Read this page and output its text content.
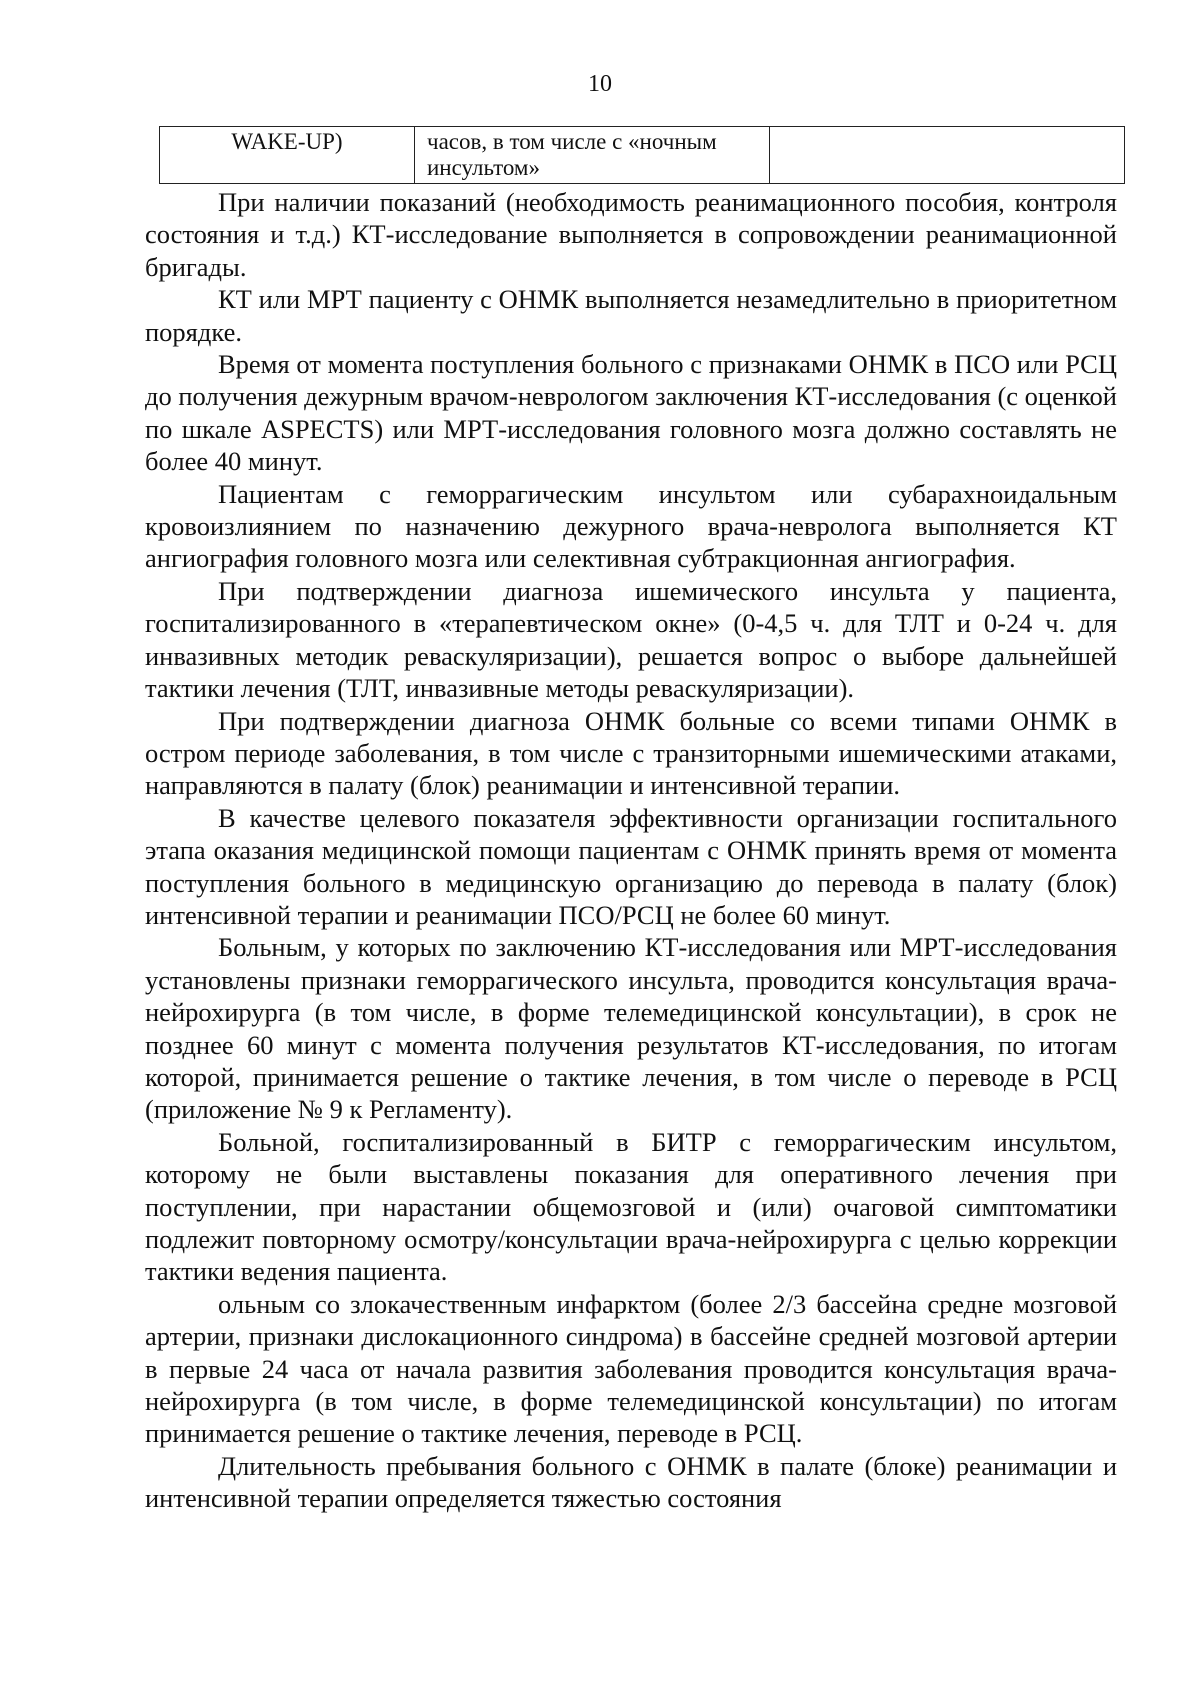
10
WAKE-UP)	часов, в том числе с «ночным инсультом»	

При наличии показаний (необходимость реанимационного пособия, контроля состояния и т.д.) КТ-исследование выполняется в сопровождении реанимационной бригады.

КТ или МРТ пациенту с ОНМК выполняется незамедлительно в приоритетном порядке.

Время от момента поступления больного с признаками ОНМК в ПСО или РСЦ до получения дежурным врачом-неврологом заключения КТ-исследования (с оценкой по шкале ASPECTS) или МРТ-исследования головного мозга должно составлять не более 40 минут.

Пациентам с геморрагическим инсультом или субарахноидальным кровоизлиянием по назначению дежурного врача-невролога выполняется КТ ангиография головного мозга или селективная субтракционная ангиография.

При подтверждении диагноза ишемического инсульта у пациента, госпитализированного в «терапевтическом окне» (0-4,5 ч. для ТЛТ и 0-24 ч. для инвазивных методик реваскуляризации), решается вопрос о выборе дальнейшей тактики лечения (ТЛТ, инвазивные методы реваскуляризации).

При подтверждении диагноза ОНМК больные со всеми типами ОНМК в остром периоде заболевания, в том числе с транзиторными ишемическими атаками, направляются в палату (блок) реанимации и интенсивной терапии.

В качестве целевого показателя эффективности организации госпитального этапа оказания медицинской помощи пациентам с ОНМК принять время от момента поступления больного в медицинскую организацию до перевода в палату (блок) интенсивной терапии и реанимации ПСО/РСЦ не более 60 минут.

Больным, у которых по заключению КТ-исследования или МРТ-исследования установлены признаки геморрагического инсульта, проводится консультация врача-нейрохирурга (в том числе, в форме телемедицинской консультации), в срок не позднее 60 минут с момента получения результатов КТ-исследования, по итогам которой, принимается решение о тактике лечения, в том числе о переводе в РСЦ (приложение № 9 к Регламенту).

Больной, госпитализированный в БИТР с геморрагическим инсультом, которому не были выставлены показания для оперативного лечения при поступлении, при нарастании общемозговой и (или) очаговой симптоматики подлежит повторному осмотру/консультации врача-нейрохирурга с целью коррекции тактики ведения пациента.

ольным со злокачественным инфарктом (более 2/3 бассейна средне мозговой артерии, признаки дислокационного синдрома) в бассейне средней мозговой артерии в первые 24 часа от начала развития заболевания проводится консультация врача-нейрохирурга (в том числе, в форме телемедицинской консультации) по итогам принимается решение о тактике лечения, переводе в РСЦ.

Длительность пребывания больного с ОНМК в палате (блоке) реанимации и интенсивной терапии определяется тяжестью состояния
